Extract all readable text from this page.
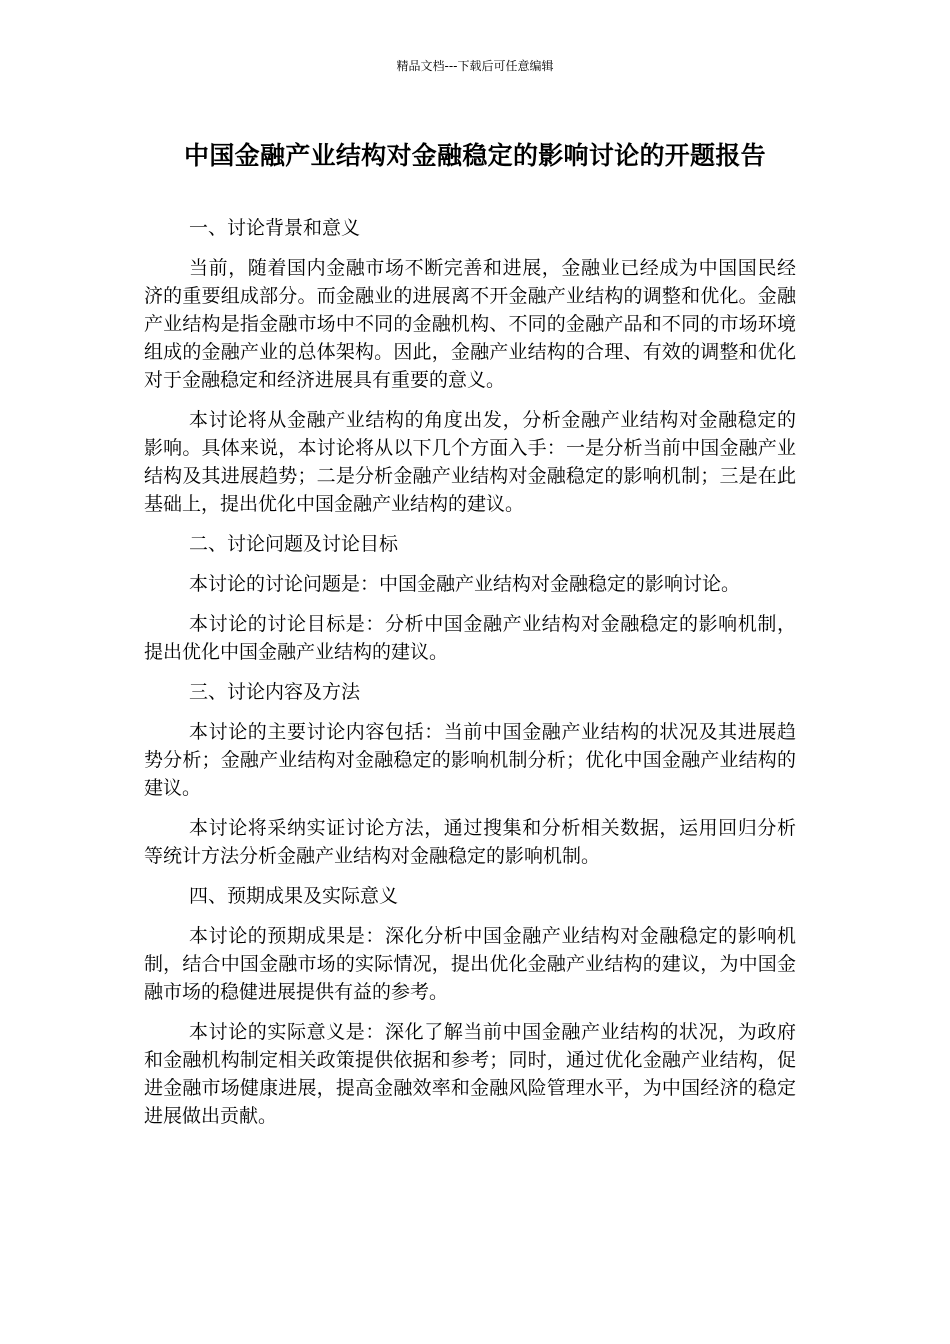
精品文档---下载后可任意编辑
中国金融产业结构对金融稳定的影响讨论的开题报告

一、讨论背景和意义

当前，随着国内金融市场不断完善和进展，金融业已经成为中国国民经济的重要组成部分。而金融业的进展离不开金融产业结构的调整和优化。金融产业结构是指金融市场中不同的金融机构、不同的金融产品和不同的市场环境组成的金融产业的总体架构。因此，金融产业结构的合理、有效的调整和优化对于金融稳定和经济进展具有重要的意义。

本讨论将从金融产业结构的角度出发，分析金融产业结构对金融稳定的影响。具体来说，本讨论将从以下几个方面入手：一是分析当前中国金融产业结构及其进展趋势；二是分析金融产业结构对金融稳定的影响机制；三是在此基础上，提出优化中国金融产业结构的建议。

二、讨论问题及讨论目标

本讨论的讨论问题是：中国金融产业结构对金融稳定的影响讨论。

本讨论的讨论目标是：分析中国金融产业结构对金融稳定的影响机制，提出优化中国金融产业结构的建议。

三、讨论内容及方法

本讨论的主要讨论内容包括：当前中国金融产业结构的状况及其进展趋势分析；金融产业结构对金融稳定的影响机制分析；优化中国金融产业结构的建议。

本讨论将采纳实证讨论方法，通过搜集和分析相关数据，运用回归分析等统计方法分析金融产业结构对金融稳定的影响机制。

四、预期成果及实际意义

本讨论的预期成果是：深化分析中国金融产业结构对金融稳定的影响机制，结合中国金融市场的实际情况，提出优化金融产业结构的建议，为中国金融市场的稳健进展提供有益的参考。

本讨论的实际意义是：深化了解当前中国金融产业结构的状况，为政府和金融机构制定相关政策提供依据和参考；同时，通过优化金融产业结构，促进金融市场健康进展，提高金融效率和金融风险管理水平，为中国经济的稳定进展做出贡献。
